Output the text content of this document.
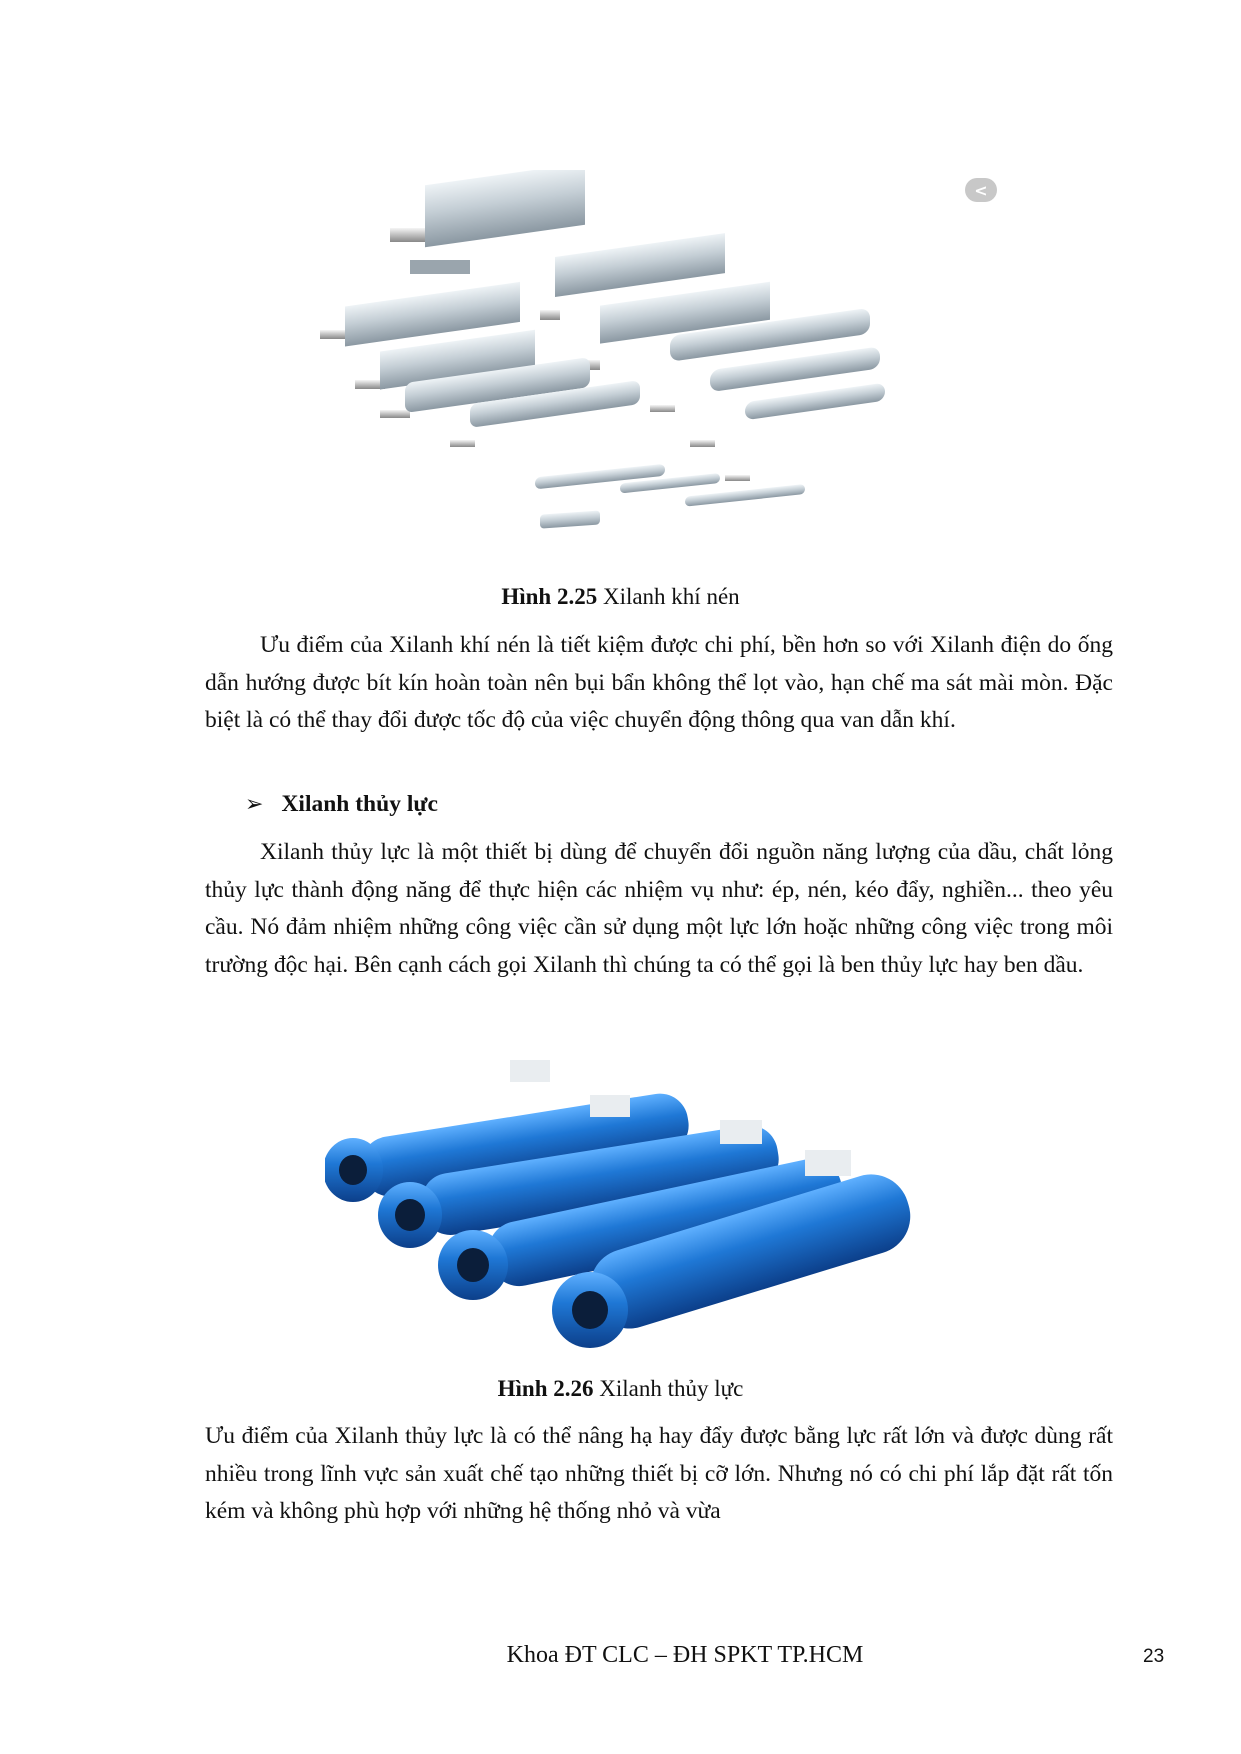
<
Hình 2.25 Xilanh khí nén

Ưu điểm của Xilanh khí nén là tiết kiệm được chi phí, bền hơn so với Xilanh điện do ống dẫn hướng được bít kín hoàn toàn nên bụi bẩn không thể lọt vào, hạn chế ma sát mài mòn. Đặc biệt là có thể thay đổi được tốc độ của việc chuyển động thông qua van dẫn khí.

➢ Xilanh thủy lực

Xilanh thủy lực là một thiết bị dùng để chuyển đổi nguồn năng lượng của dầu, chất lỏng thủy lực thành động năng để thực hiện các nhiệm vụ như: ép, nén, kéo đẩy, nghiền... theo yêu cầu. Nó đảm nhiệm những công việc cần sử dụng một lực lớn hoặc những công việc trong môi trường độc hại. Bên cạnh cách gọi Xilanh thì chúng ta có thể gọi là ben thủy lực hay ben dầu.

Hình 2.26 Xilanh thủy lực

Ưu điểm của Xilanh thủy lực là có thể nâng hạ hay đẩy được bằng lực rất lớn và được dùng rất nhiều trong lĩnh vực sản xuất chế tạo những thiết bị cỡ lớn. Nhưng nó có chi phí lắp đặt rất tốn kém và không phù hợp với những hệ thống nhỏ và vừa

Khoa ĐT CLC – ĐH SPKT TP.HCM	23
